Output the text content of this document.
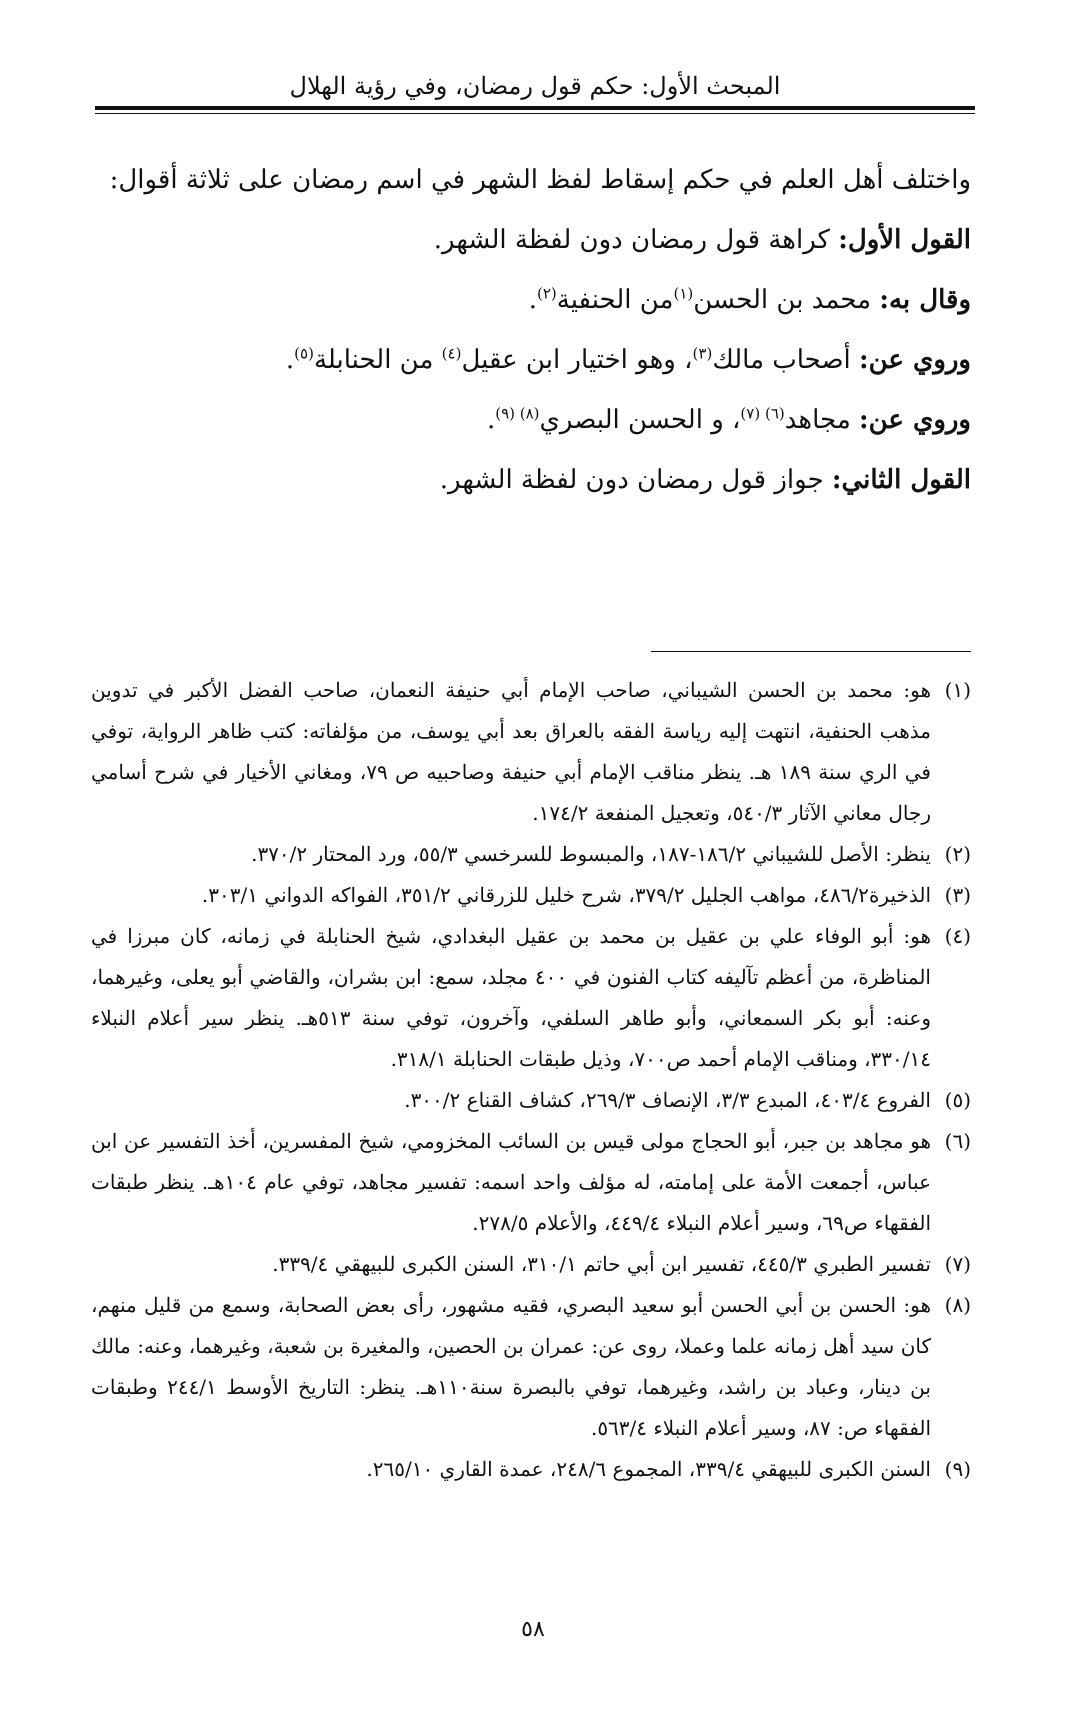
المبحث الأول: حكم قول رمضان، وفي رؤية الهلال

واختلف أهل العلم في حكم إسقاط لفظ الشهر في اسم رمضان على ثلاثة أقوال:

القول الأول: كراهة قول رمضان دون لفظة الشهر.

وقال به: محمد بن الحسن$^{(١)}$من الحنفية$^{(٢)}$.

وروي عن: أصحاب مالك$^{(٣)}$، وهو اختيار ابن عقيل$^{(٤)}$ من الحنابلة$^{(٥)}$.

وروي عن: مجاهد$^{(٦) (٧)}$، و الحسن البصري$^{(٨) (٩)}$.

القول الثاني: جواز قول رمضان دون لفظة الشهر.

(١)
هو: محمد بن الحسن الشيباني، صاحب الإمام أبي حنيفة النعمان، صاحب الفضل الأكبر في تدوين مذهب الحنفية، انتهت إليه رياسة الفقه بالعراق بعد أبي يوسف، من مؤلفاته: كتب ظاهر الرواية، توفي في الري سنة ١٨٩ هـ. ينظر مناقب الإمام أبي حنيفة وصاحبيه ص ٧٩، ومغاني الأخيار في شرح أسامي رجال معاني الآثار ٥٤٠/٣، وتعجيل المنفعة ١٧٤/٢.
(٢)
ينظر: الأصل للشيباني ١٨٦/٢-١٨٧، والمبسوط للسرخسي ٥٥/٣، ورد المحتار ٣٧٠/٢.
(٣)
الذخيرة٤٨٦/٢، مواهب الجليل ٣٧٩/٢، شرح خليل للزرقاني ٣٥١/٢، الفواكه الدواني ٣٠٣/١.
(٤)
هو: أبو الوفاء علي بن عقيل بن محمد بن عقيل البغدادي، شيخ الحنابلة في زمانه، كان مبرزا في المناظرة، من أعظم تآليفه كتاب الفنون في ٤٠٠ مجلد، سمع: ابن بشران، والقاضي أبو يعلى، وغيرهما، وعنه: أبو بكر السمعاني، وأبو طاهر السلفي، وآخرون، توفي سنة ٥١٣هـ. ينظر سير أعلام النبلاء ٣٣٠/١٤، ومناقب الإمام أحمد ص٧٠٠، وذيل طبقات الحنابلة ٣١٨/١.
(٥)
الفروع ٤٠٣/٤، المبدع ٣/٣، الإنصاف ٢٦٩/٣، كشاف القناع ٣٠٠/٢.
(٦)
هو مجاهد بن جبر، أبو الحجاج مولى قيس بن السائب المخزومي، شيخ المفسرين، أخذ التفسير عن ابن عباس، أجمعت الأمة على إمامته، له مؤلف واحد اسمه: تفسير مجاهد، توفي عام ١٠٤هـ. ينظر طبقات الفقهاء ص٦٩، وسير أعلام النبلاء ٤٤٩/٤، والأعلام ٢٧٨/٥.
(٧)
تفسير الطبري ٤٤٥/٣، تفسير ابن أبي حاتم ٣١٠/١، السنن الكبرى للبيهقي ٣٣٩/٤.
(٨)
هو: الحسن بن أبي الحسن أبو سعيد البصري، فقيه مشهور، رأى بعض الصحابة، وسمع من قليل منهم، كان سيد أهل زمانه علما وعملا، روى عن: عمران بن الحصين، والمغيرة بن شعبة، وغيرهما، وعنه: مالك بن دينار، وعباد بن راشد، وغيرهما، توفي بالبصرة سنة١١٠هـ. ينظر: التاريخ الأوسط ٢٤٤/١ وطبقات الفقهاء ص: ٨٧، وسير أعلام النبلاء ٥٦٣/٤.
(٩)
السنن الكبرى للبيهقي ٣٣٩/٤، المجموع ٢٤٨/٦، عمدة القاري ٢٦٥/١٠.
٥٨
